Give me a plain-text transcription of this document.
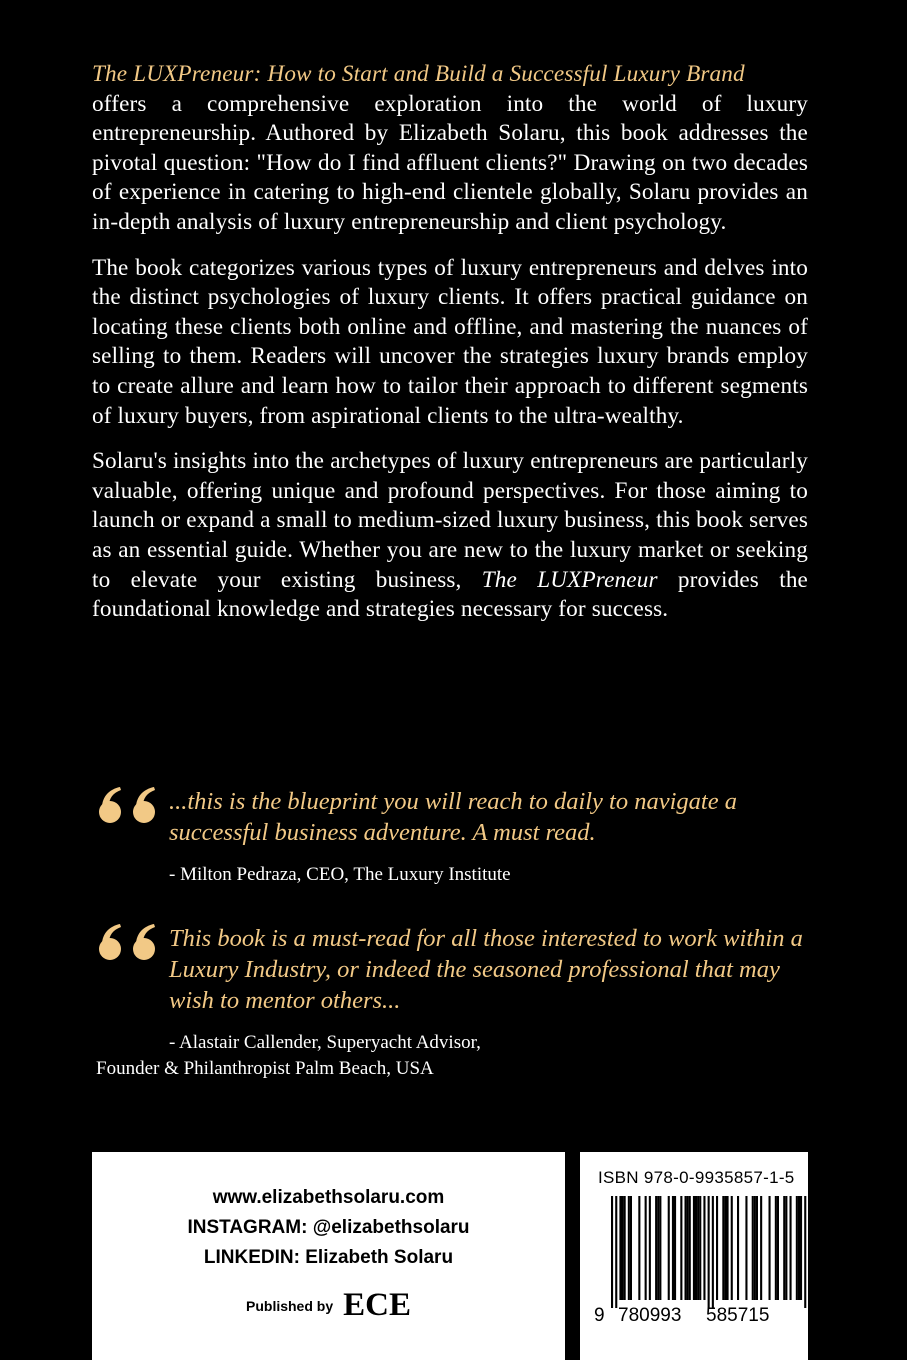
The LUXPreneur: How to Start and Build a Successful Luxury Brand
offers a comprehensive exploration into the world of luxury entrepreneurship. Authored by Elizabeth Solaru, this book addresses the pivotal question: "How do I find affluent clients?" Drawing on two decades of experience in catering to high-end clientele globally, Solaru provides an in-depth analysis of luxury entrepreneurship and client psychology.

The book categorizes various types of luxury entrepreneurs and delves into the distinct psychologies of luxury clients. It offers practical guidance on locating these clients both online and offline, and mastering the nuances of selling to them. Readers will uncover the strategies luxury brands employ to create allure and learn how to tailor their approach to different segments of luxury buyers, from aspirational clients to the ultra-wealthy.

Solaru's insights into the archetypes of luxury entrepreneurs are particularly valuable, offering unique and profound perspectives. For those aiming to launch or expand a small to medium-sized luxury business, this book serves as an essential guide. Whether you are new to the luxury market or seeking to elevate your existing business, The LUXPreneur provides the foundational knowledge and strategies necessary for success.

...this is the blueprint you will reach to daily to navigate a successful business adventure. A must read.
- Milton Pedraza, CEO, The Luxury Institute
This book is a must-read for all those interested to work within a Luxury Industry, or indeed the seasoned professional that may wish to mentor others...
- Alastair Callender, Superyacht Advisor,
Founder & Philanthropist Palm Beach, USA
www.elizabethsolaru.com
INSTAGRAM: @elizabethsolaru
LINKEDIN: Elizabeth Solaru
Published by ECE
ISBN 978-0-9935857-1-5
9 780993 585715
